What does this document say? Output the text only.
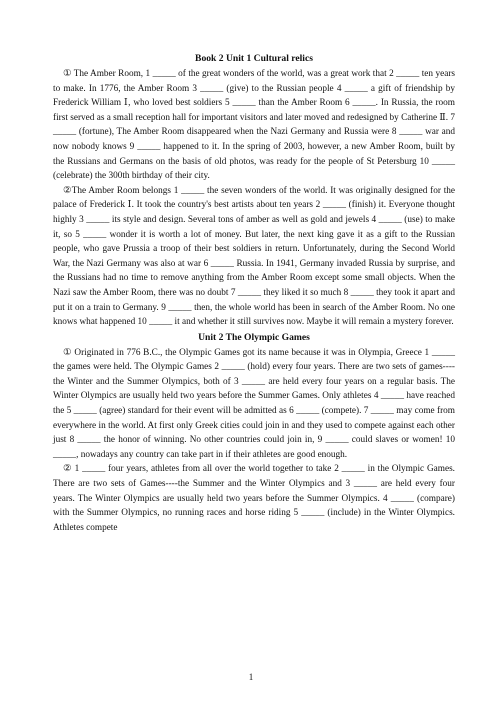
Book 2 Unit 1 Cultural relics

① The Amber Room, 1 _____ of the great wonders of the world, was a great work that 2 _____ ten years to make. In 1776, the Amber Room 3 _____ (give) to the Russian people 4 _____ a gift of friendship by Frederick William Ⅰ, who loved best soldiers 5 _____ than the Amber Room 6 _____. In Russia, the room first served as a small reception hall for important visitors and later moved and redesigned by Catherine Ⅱ. 7 _____ (fortune), The Amber Room disappeared when the Nazi Germany and Russia were 8 _____ war and now nobody knows 9 _____ happened to it. In the spring of 2003, however, a new Amber Room, built by the Russians and Germans on the basis of old photos, was ready for the people of St Petersburg 10 _____ (celebrate) the 300th birthday of their city.

②The Amber Room belongs 1 _____ the seven wonders of the world. It was originally designed for the palace of Frederick Ⅰ. It took the country's best artists about ten years 2 _____ (finish) it. Everyone thought highly 3 _____ its style and design. Several tons of amber as well as gold and jewels 4 _____ (use) to make it, so 5 _____ wonder it is worth a lot of money. But later, the next king gave it as a gift to the Russian people, who gave Prussia a troop of their best soldiers in return. Unfortunately, during the Second World War, the Nazi Germany was also at war 6 _____ Russia. In 1941, Germany invaded Russia by surprise, and the Russians had no time to remove anything from the Amber Room except some small objects. When the Nazi saw the Amber Room, there was no doubt 7 _____ they liked it so much 8 _____ they took it apart and put it on a train to Germany. 9 _____ then, the whole world has been in search of the Amber Room. No one knows what happened 10 _____ it and whether it still survives now. Maybe it will remain a mystery forever.

Unit 2 The Olympic Games

① Originated in 776 B.C., the Olympic Games got its name because it was in Olympia, Greece 1 _____ the games were held. The Olympic Games 2 _____ (hold) every four years. There are two sets of games----the Winter and the Summer Olympics, both of 3 _____ are held every four years on a regular basis. The Winter Olympics are usually held two years before the Summer Games. Only athletes 4 _____ have reached the 5 _____ (agree) standard for their event will be admitted as 6 _____ (compete). 7 _____ may come from everywhere in the world. At first only Greek cities could join in and they used to compete against each other just 8 _____ the honor of winning. No other countries could join in, 9 _____ could slaves or women! 10 _____, nowadays any country can take part in if their athletes are good enough.

② 1 _____ four years, athletes from all over the world together to take 2 _____ in the Olympic Games. There are two sets of Games----the Summer and the Winter Olympics and 3 _____ are held every four years. The Winter Olympics are usually held two years before the Summer Olympics. 4 _____ (compare) with the Summer Olympics, no running races and horse riding 5 _____ (include) in the Winter Olympics. Athletes compete

1
